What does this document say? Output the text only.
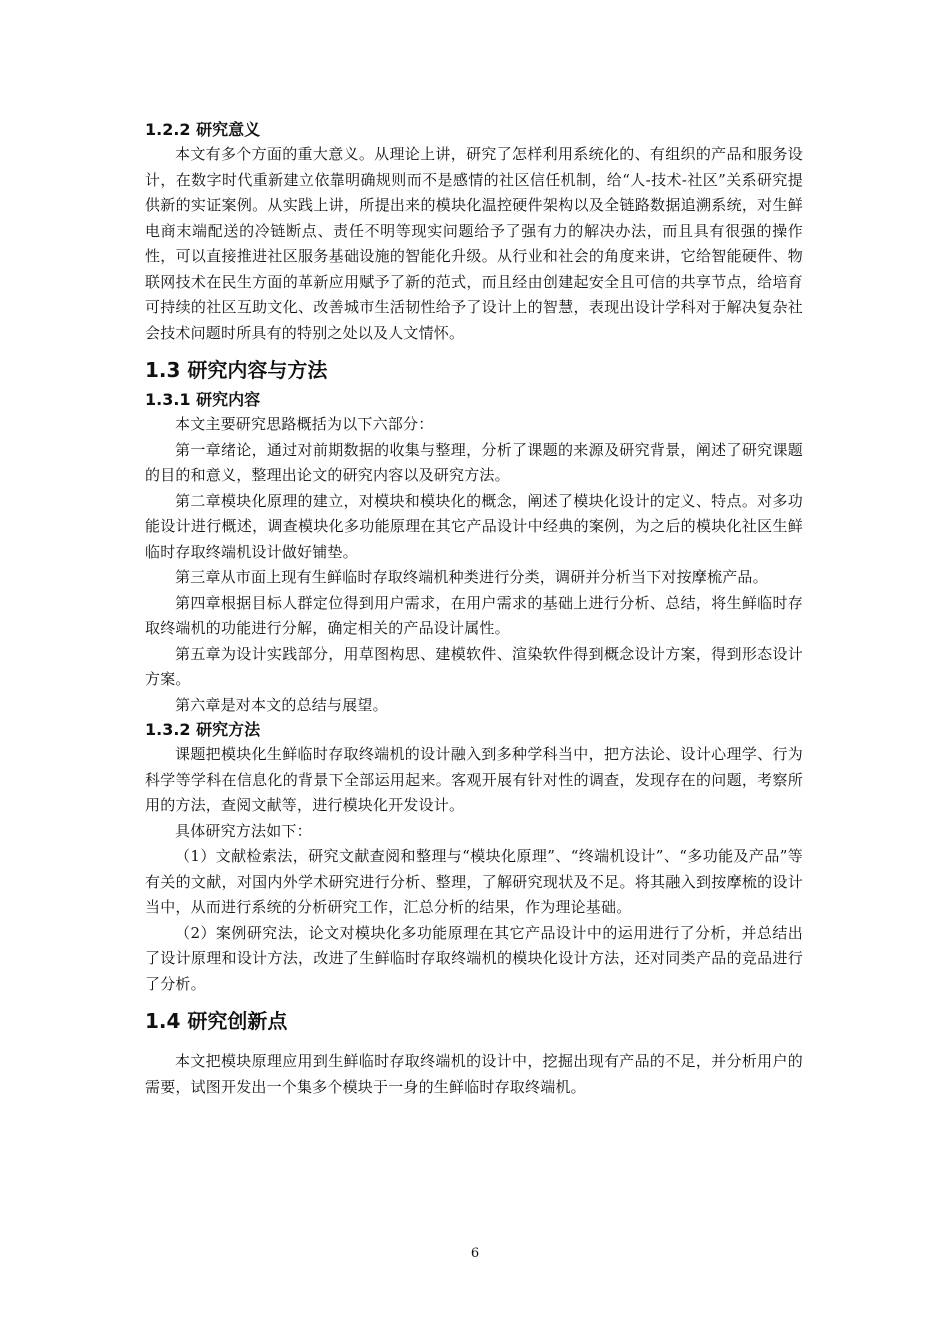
1.2.2 研究意义

本文有多个方面的重大意义。从理论上讲，研究了怎样利用系统化的、有组织的产品和服务设计，在数字时代重新建立依靠明确规则而不是感情的社区信任机制，给“人-技术-社区”关系研究提供新的实证案例。从实践上讲，所提出来的模块化温控硬件架构以及全链路数据追溯系统，对生鲜电商末端配送的冷链断点、责任不明等现实问题给予了强有力的解决办法，而且具有很强的操作性，可以直接推进社区服务基础设施的智能化升级。从行业和社会的角度来讲，它给智能硬件、物联网技术在民生方面的革新应用赋予了新的范式，而且经由创建起安全且可信的共享节点，给培育可持续的社区互助文化、改善城市生活韧性给予了设计上的智慧，表现出设计学科对于解决复杂社会技术问题时所具有的特别之处以及人文情怀。

1.3 研究内容与方法
1.3.1 研究内容

本文主要研究思路概括为以下六部分：

第一章绪论，通过对前期数据的收集与整理，分析了课题的来源及研究背景，阐述了研究课题的目的和意义，整理出论文的研究内容以及研究方法。

第二章模块化原理的建立，对模块和模块化的概念，阐述了模块化设计的定义、特点。对多功能设计进行概述，调查模块化多功能原理在其它产品设计中经典的案例，为之后的模块化社区生鲜临时存取终端机设计做好铺垫。

第三章从市面上现有生鲜临时存取终端机种类进行分类，调研并分析当下对按摩梳产品。

第四章根据目标人群定位得到用户需求，在用户需求的基础上进行分析、总结，将生鲜临时存取终端机的功能进行分解，确定相关的产品设计属性。

第五章为设计实践部分，用草图构思、建模软件、渲染软件得到概念设计方案，得到形态设计方案。

第六章是对本文的总结与展望。

1.3.2 研究方法

课题把模块化生鲜临时存取终端机的设计融入到多种学科当中，把方法论、设计心理学、行为科学等学科在信息化的背景下全部运用起来。客观开展有针对性的调查，发现存在的问题，考察所用的方法，查阅文献等，进行模块化开发设计。

具体研究方法如下：

（1）文献检索法，研究文献查阅和整理与“模块化原理”、“终端机设计”、“多功能及产品”等有关的文献，对国内外学术研究进行分析、整理，了解研究现状及不足。将其融入到按摩梳的设计当中，从而进行系统的分析研究工作，汇总分析的结果，作为理论基础。

（2）案例研究法，论文对模块化多功能原理在其它产品设计中的运用进行了分析，并总结出了设计原理和设计方法，改进了生鲜临时存取终端机的模块化设计方法，还对同类产品的竞品进行了分析。

1.4 研究创新点

本文把模块原理应用到生鲜临时存取终端机的设计中，挖掘出现有产品的不足，并分析用户的需要，试图开发出一个集多个模块于一身的生鲜临时存取终端机。

6
